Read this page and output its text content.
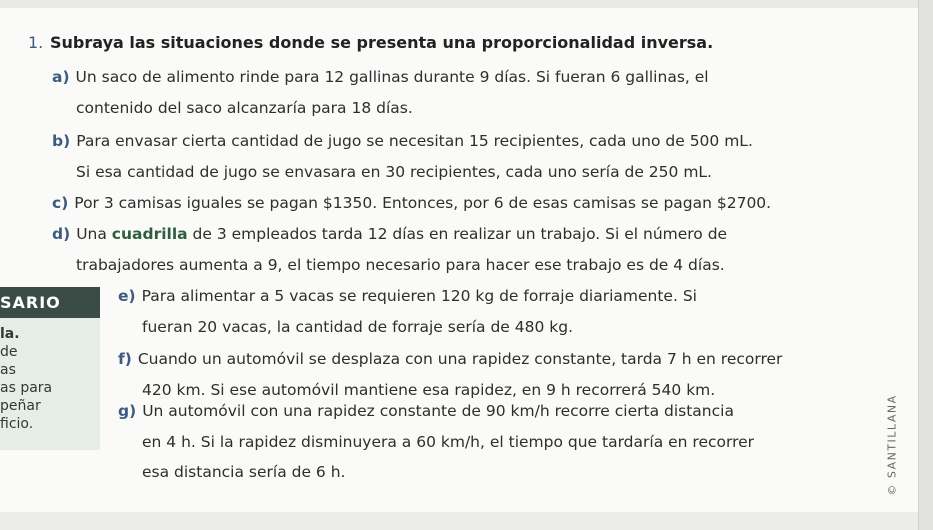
1. Subraya las situaciones donde se presenta una proporcionalidad inversa.
a) Un saco de alimento rinde para 12 gallinas durante 9 días. Si fueran 6 gallinas, el
contenido del saco alcanzaría para 18 días.
b) Para envasar cierta cantidad de jugo se necesitan 15 recipientes, cada uno de 500 mL.
Si esa cantidad de jugo se envasara en 30 recipientes, cada uno sería de 250 mL.
c) Por 3 camisas iguales se pagan $1350. Entonces, por 6 de esas camisas se pagan $2700.
d) Una cuadrilla de 3 empleados tarda 12 días en realizar un trabajo. Si el número de
trabajadores aumenta a 9, el tiempo necesario para hacer ese trabajo es de 4 días.
e) Para alimentar a 5 vacas se requieren 120 kg de forraje diariamente. Si
fueran 20 vacas, la cantidad de forraje sería de 480 kg.
f) Cuando un automóvil se desplaza con una rapidez constante, tarda 7 h en recorrer
420 km. Si ese automóvil mantiene esa rapidez, en 9 h recorrerá 540 km.
g) Un automóvil con una rapidez constante de 90 km/h recorre cierta distancia
en 4 h. Si la rapidez disminuyera a 60 km/h, el tiempo que tardaría en recorrer
esa distancia sería de 6 h.
SARIO
la.
de
as
as para
peñar
ficio.	© SANTILLANA
